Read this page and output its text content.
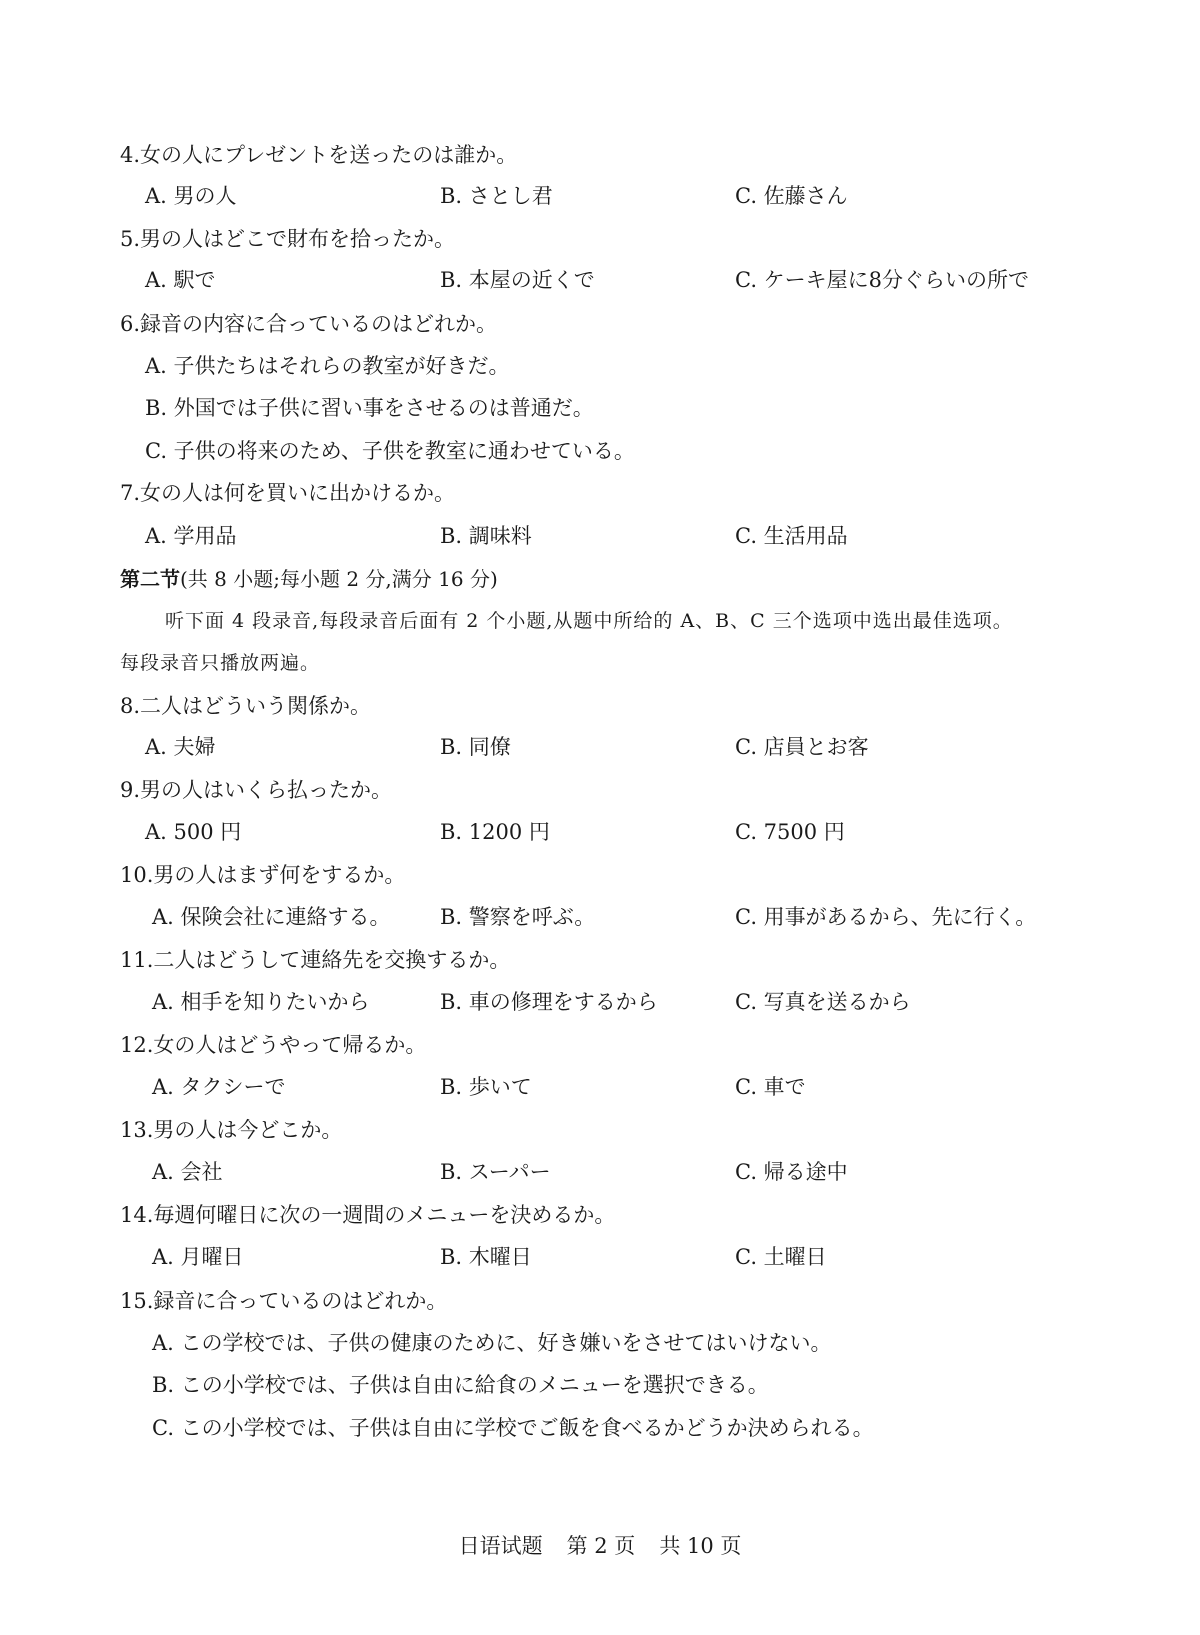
4.女の人にプレゼントを送ったのは誰か。
A. 男の人	B. さとし君	C. 佐藤さん
5.男の人はどこで財布を拾ったか。
A. 駅で	B. 本屋の近くで	C. ケーキ屋に8分ぐらいの所で
6.録音の内容に合っているのはどれか。
A. 子供たちはそれらの教室が好きだ。
B. 外国では子供に習い事をさせるのは普通だ。
C. 子供の将来のため、子供を教室に通わせている。
7.女の人は何を買いに出かけるか。
A. 学用品	B. 調味料	C. 生活用品
第二节(共 8 小题;每小题 2 分,满分 16 分)
听下面 4 段录音,每段录音后面有 2 个小题,从题中所给的 A、B、C 三个选项中选出最佳选项。
每段录音只播放两遍。
8.二人はどういう関係か。
A. 夫婦	B. 同僚	C. 店員とお客
9.男の人はいくら払ったか。
A. 500 円	B. 1200 円	C. 7500 円
10.男の人はまず何をするか。
A. 保険会社に連絡する。 B. 警察を呼ぶ。	C. 用事があるから、先に行く。
11.二人はどうして連絡先を交換するか。
A. 相手を知りたいから	B. 車の修理をするから	C. 写真を送るから
12.女の人はどうやって帰るか。
A. タクシーで	B. 歩いて	C. 車で
13.男の人は今どこか。
A. 会社	B. スーパー	C. 帰る途中
14.毎週何曜日に次の一週間のメニューを決めるか。
A. 月曜日	B. 木曜日	C. 土曜日
15.録音に合っているのはどれか。
A. この学校では、子供の健康のために、好き嫌いをさせてはいけない。
B. この小学校では、子供は自由に給食のメニューを選択できる。
C. この小学校では、子供は自由に学校でご飯を食べるかどうか決められる。
日语试题 第 2 页 共 10 页
